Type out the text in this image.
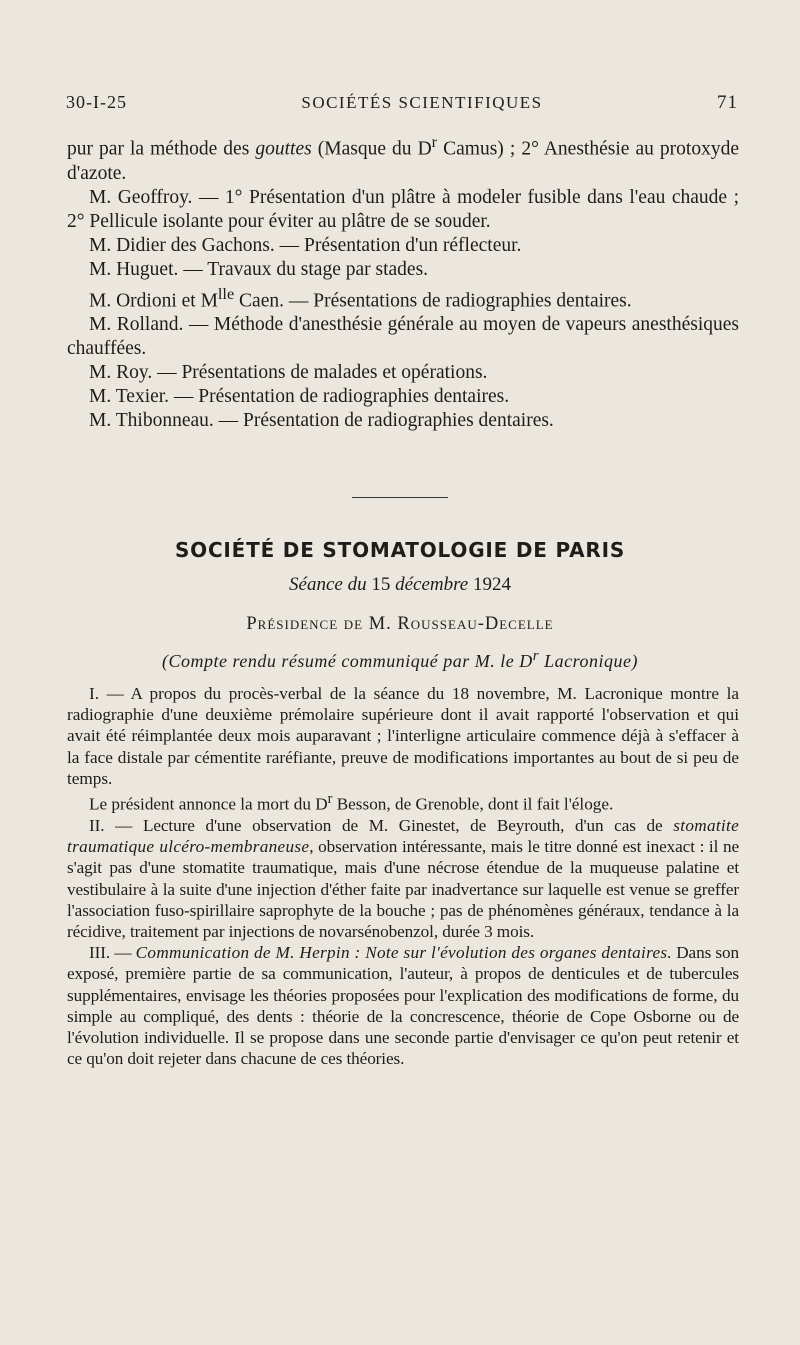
30-I-25	SOCIÉTÉS SCIENTIFIQUES	71

pur par la méthode des gouttes (Masque du $D^r$ Camus) ; 2° Anesthésie au protoxyde d'azote.

M. Geoffroy. — 1° Présentation d'un plâtre à modeler fusible dans l'eau chaude ; 2° Pellicule isolante pour éviter au plâtre de se souder.

M. Didier des Gachons. — Présentation d'un réflecteur.

M. Huguet. — Travaux du stage par stades.

M. Ordioni et $M^{lle}$ Caen. — Présentations de radiographies dentaires.

M. Rolland. — Méthode d'anesthésie générale au moyen de vapeurs anesthésiques chauffées.

M. Roy. — Présentations de malades et opérations.

M. Texier. — Présentation de radiographies dentaires.

M. Thibonneau. — Présentation de radiographies dentaires.

SOCIÉTÉ DE STOMATOLOGIE DE PARIS
Séance du 15 décembre 1924
Présidence de M. Rousseau-Decelle
(Compte rendu résumé communiqué par M. le $D^r$ Lacronique)

I. — A propos du procès-verbal de la séance du 18 novembre, M. Lacronique montre la radiographie d'une deuxième prémolaire supérieure dont il avait rapporté l'observation et qui avait été réimplantée deux mois auparavant ; l'interligne articulaire commence déjà à s'effacer à la face distale par cémentite raréfiante, preuve de modifications importantes au bout de si peu de temps.

Le président annonce la mort du $D^r$ Besson, de Grenoble, dont il fait l'éloge.

II. — Lecture d'une observation de M. Ginestet, de Beyrouth, d'un cas de stomatite traumatique ulcéro-membraneuse, observation intéressante, mais le titre donné est inexact : il ne s'agit pas d'une stomatite traumatique, mais d'une nécrose étendue de la muqueuse palatine et vestibulaire à la suite d'une injection d'éther faite par inadvertance sur laquelle est venue se greffer l'association fuso-spirillaire saprophyte de la bouche ; pas de phénomènes généraux, tendance à la récidive, traitement par injections de novarsénobenzol, durée 3 mois.

III. — Communication de M. Herpin : Note sur l'évolution des organes dentaires. Dans son exposé, première partie de sa communication, l'auteur, à propos de denticules et de tubercules supplémentaires, envisage les théories proposées pour l'explication des modifications de forme, du simple au compliqué, des dents : théorie de la concrescence, théorie de Cope Osborne ou de l'évolution individuelle. Il se propose dans une seconde partie d'envisager ce qu'on peut retenir et ce qu'on doit rejeter dans chacune de ces théories.
